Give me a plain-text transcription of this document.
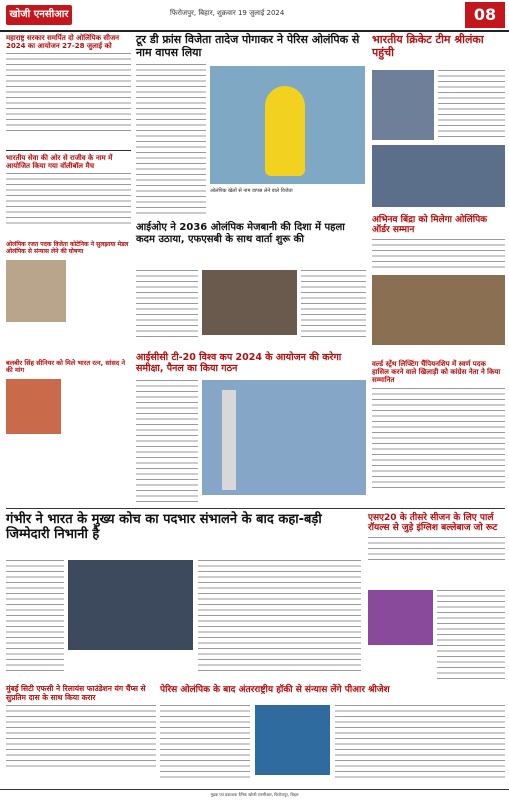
खोजी एनसीआर	फिरोजपुर, बिहार, शुक्रवार 19 जुलाई 2024	08
महाराष्ट्र सरकार समर्पित दो ओलिंपिक सीजन 2024 का आयोजन 27-28 जुलाई को
भारतीय सेवा की ओर से राजीव के नाम में आयोजित किया गया वॉलीबॉल मैच
ओलंपिक रजत पदक विजेता कोटेनिक ने सुलझाया मेडल ओलंपिक से संन्यास लेने की घोषणा
बलबीर सिंह सीनियर को मिले भारत रत्न, सांसद ने की मांग
टूर डी फ्रांस विजेता तादेज पोगाकर ने पेरिस ओलंपिक से नाम वापस लिया
ओलंपिक खेलों से नाम वापस लेने वाले विजेता
भारतीय क्रिकेट टीम श्रीलंका पहुंची
अभिनव बिंद्रा को मिलेगा ओलिंपिक ऑर्डर सम्मान
आईओए ने 2036 ओलंपिक मेजबानी की दिशा में पहला कदम उठाया, एफएसबी के साथ वार्ता शुरू की
आईसीसी टी-20 विश्व कप 2024 के आयोजन की करेगा समीक्षा, पैनल का किया गठन	वर्ल्ड स्ट्रेंथ लिफ्टिंग चैंपियनशिप में स्वर्ण पदक हासिल करने वाले खिलाड़ी को कांग्रेस नेता ने किया सम्मानित
गंभीर ने भारत के मुख्य कोच का पदभार संभालने के बाद कहा-बड़ी जिम्मेदारी निभानी है
एसए20 के तीसरे सीजन के लिए पार्ल रॉयल्स से जुड़े इंग्लिश बल्लेबाज जो रूट
मुंबई सिटी एफसी ने रिलायंस फाउंडेशन यंग चैंप्स से सुप्रतिम दास के साथ किया करार
पेरिस ओलंपिक के बाद अंतरराष्ट्रीय हॉकी से संन्यास लेंगे पीआर श्रीजेश
मुद्रक एवं प्रकाशक दैनिक खोजी एनसीआर, फिरोजपुर, बिहार
